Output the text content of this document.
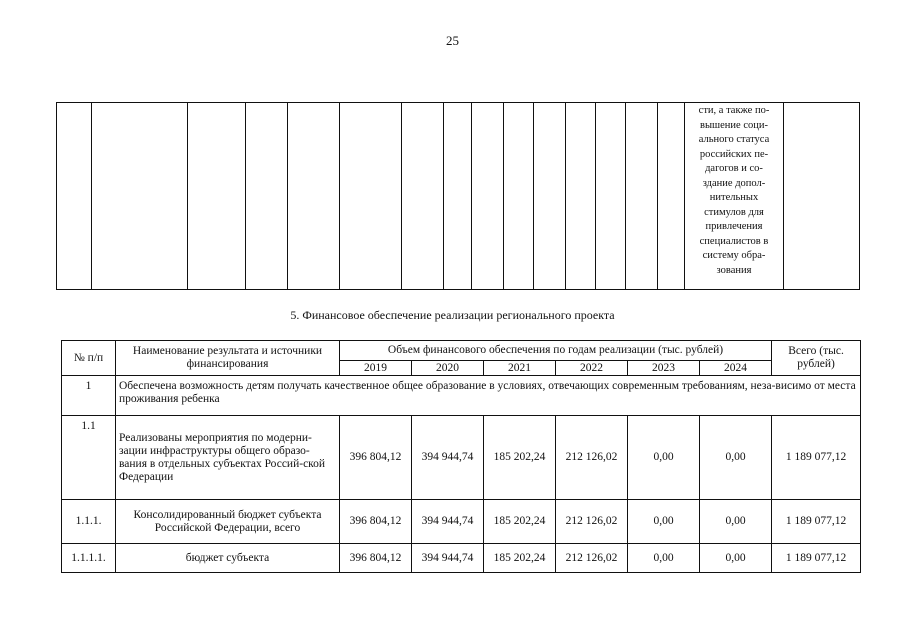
25
сти, а также по-
вышение соци-
ального статуса
российских пе-
дагогов и со-
здание допол-
нительных
стимулов для
привлечения
специалистов в
систему обра-
зования
5. Финансовое обеспечение реализации регионального проекта
№ п/п	Наименование результата и источники финансирования	Объем финансового обеспечения по годам реализации (тыс. рублей)						Всего (тыс. рублей)
		2019	2020	2021	2022	2023	2024	
1	Обеспечена возможность детям получать качественное общее образование в условиях, отвечающих современным требованиям, неза-висимо от места проживания ребенка							
1.1	Реализованы мероприятия по модерни-зации инфраструктуры общего образо-вания в отдельных субъектах Россий-ской Федерации	396 804,12	394 944,74	185 202,24	212 126,02	0,00	0,00	1 189 077,12
1.1.1.	Консолидированный бюджет субъекта Российской Федерации, всего	396 804,12	394 944,74	185 202,24	212 126,02	0,00	0,00	1 189 077,12
1.1.1.1.	бюджет субъекта	396 804,12	394 944,74	185 202,24	212 126,02	0,00	0,00	1 189 077,12
